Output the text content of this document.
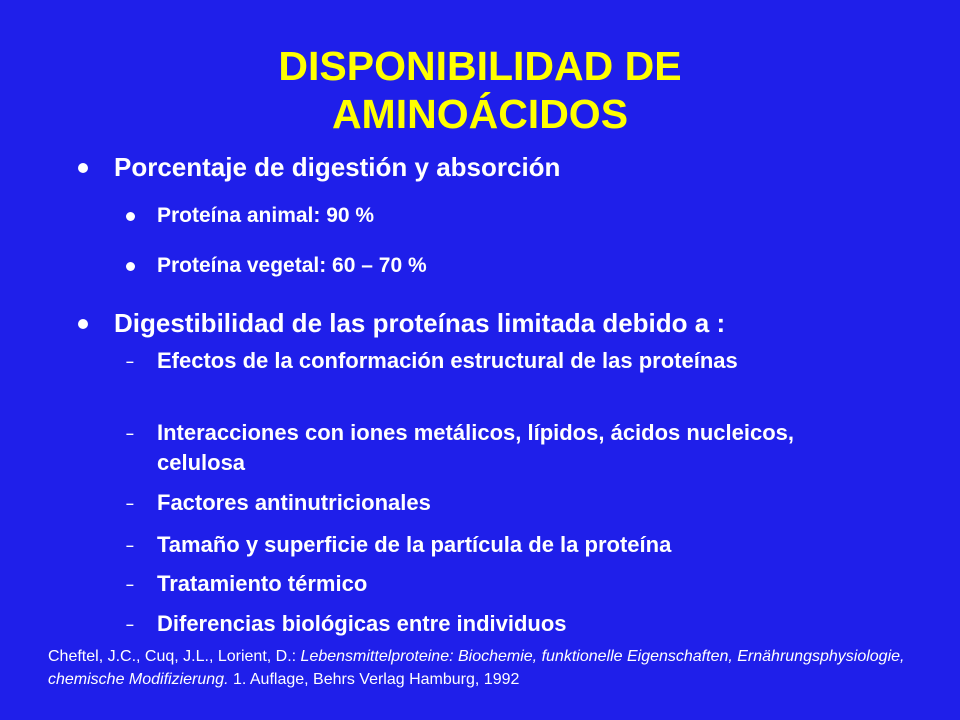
DISPONIBILIDAD DE
AMINOÁCIDOS
Porcentaje de digestión y absorción
Proteína animal: 90 %
Proteína vegetal: 60 – 70 %
Digestibilidad de las proteínas limitada debido a :
– Efectos de la conformación estructural de las proteínas
– Interacciones con iones metálicos, lípidos, ácidos nucleicos, celulosa
– Factores antinutricionales
– Tamaño y superficie de la partícula de la proteína
– Tratamiento térmico
– Diferencias biológicas entre individuos
Cheftel, J.C., Cuq, J.L., Lorient, D.: Lebensmittelproteine: Biochemie, funktionelle Eigenschaften, Ernährungsphysiologie, chemische Modifizierung. 1. Auflage, Behrs Verlag Hamburg, 1992
